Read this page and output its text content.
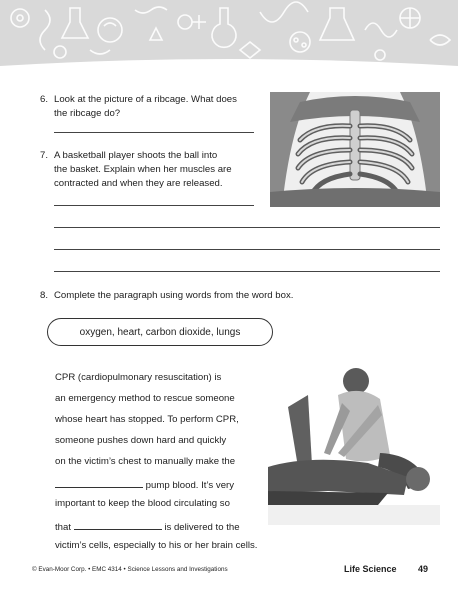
6. Look at the picture of a ribcage. What does
the ribcage do?
7. A basketball player shoots the ball into
the basket. Explain when her muscles are
contracted and when they are released.
8. Complete the paragraph using words from the word box.
oxygen, heart, carbon dioxide, lungs
CPR (cardiopulmonary resuscitation) is
an emergency method to rescue someone
whose heart has stopped. To perform CPR,
someone pushes down hard and quickly
on the victim’s chest to manually make the
pump blood. It’s very
important to keep the blood circulating so
that	is delivered to the
victim’s cells, especially to his or her brain cells.
© Evan-Moor Corp. • EMC 4314 • Science Lessons and Investigations	Life Science 49
